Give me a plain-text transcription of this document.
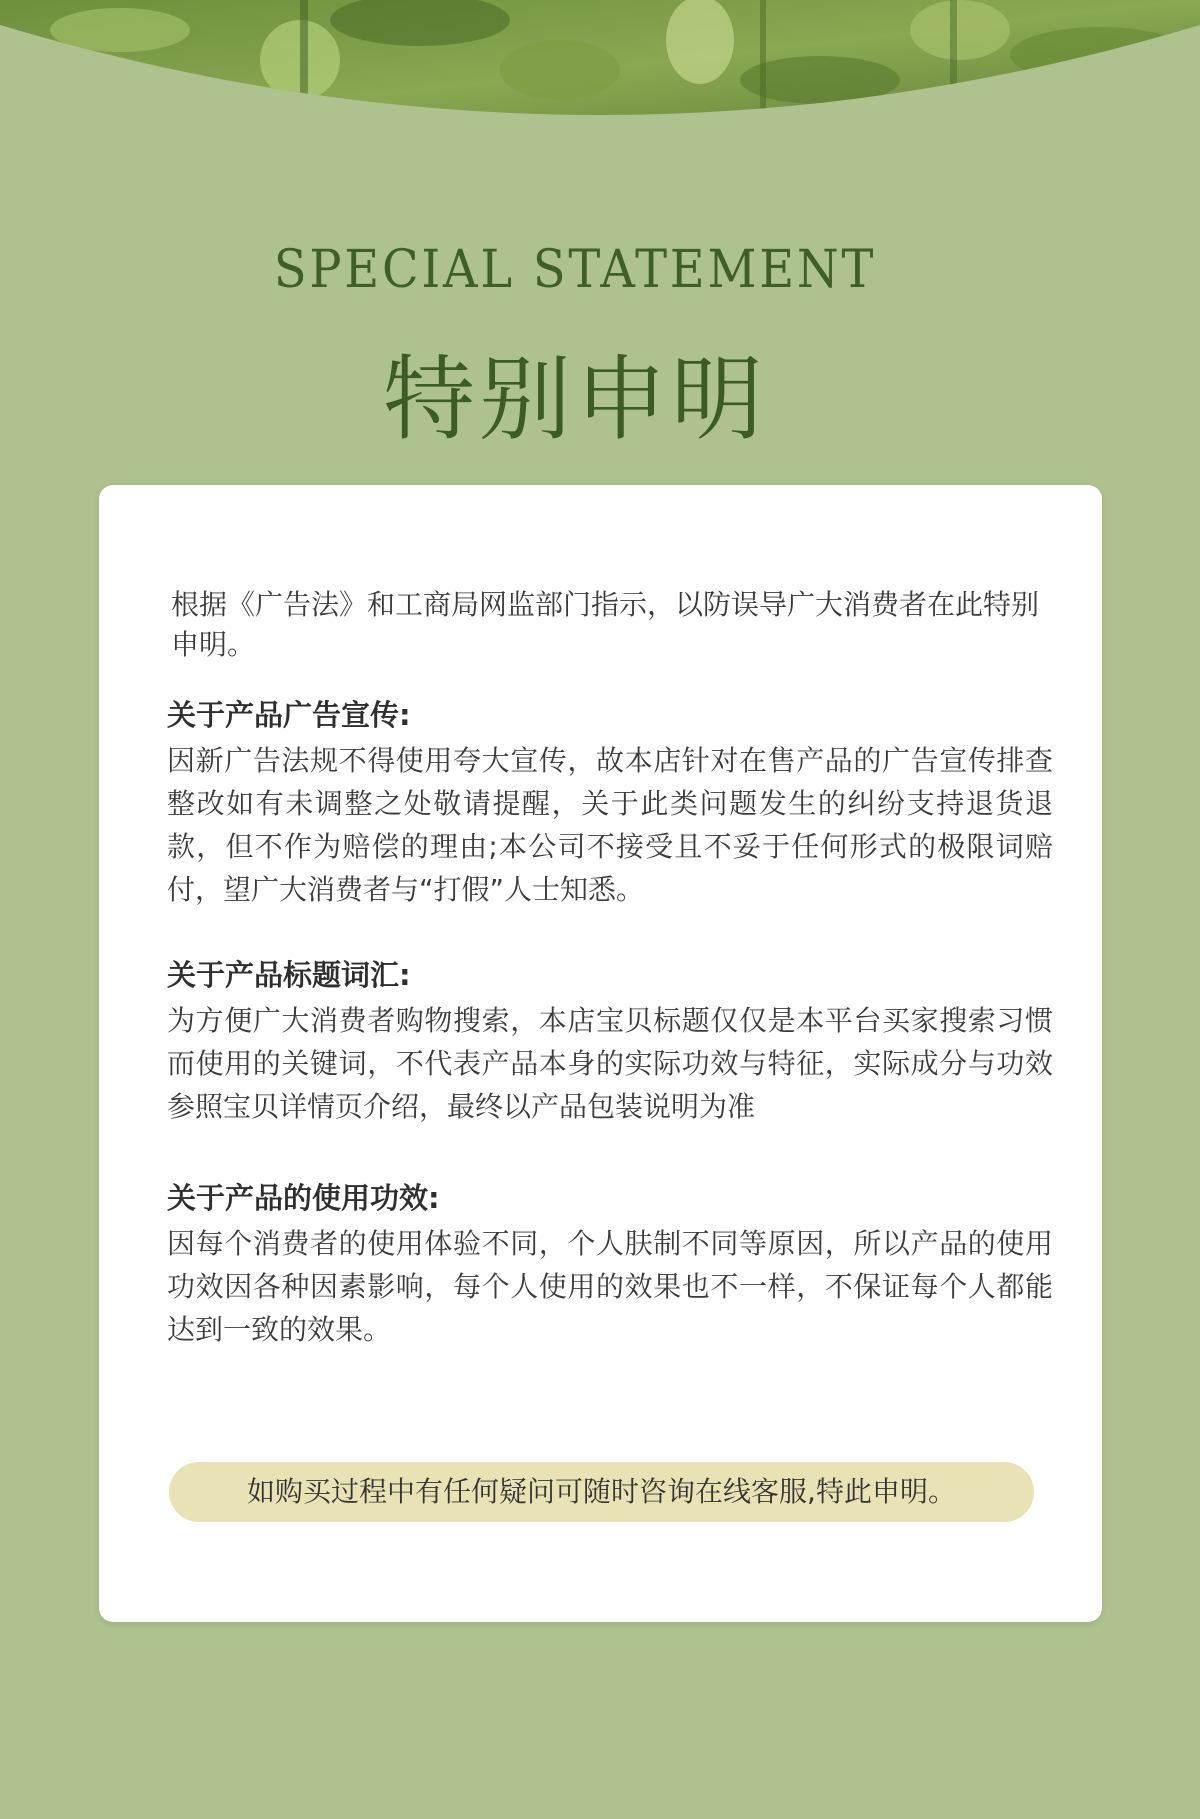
SPECIAL STATEMENT
特别申明

根据《广告法》和工商局网监部门指示，以防误导广大消费者在此特别申明。

关于产品广告宣传:

因新广告法规不得使用夸大宣传，故本店针对在售产品的广告宣传排查整改如有未调整之处敬请提醒，关于此类问题发生的纠纷支持退货退款，但不作为赔偿的理由;本公司不接受且不妥于任何形式的极限词赔付，望广大消费者与“打假”人士知悉。

关于产品标题词汇:

为方便广大消费者购物搜索，本店宝贝标题仅仅是本平台买家搜索习惯而使用的关键词，不代表产品本身的实际功效与特征，实际成分与功效参照宝贝详情页介绍，最终以产品包装说明为准

关于产品的使用功效:

因每个消费者的使用体验不同，个人肤制不同等原因，所以产品的使用功效因各种因素影响，每个人使用的效果也不一样，不保证每个人都能达到一致的效果。

如购买过程中有任何疑问可随时咨询在线客服,特此申明。
